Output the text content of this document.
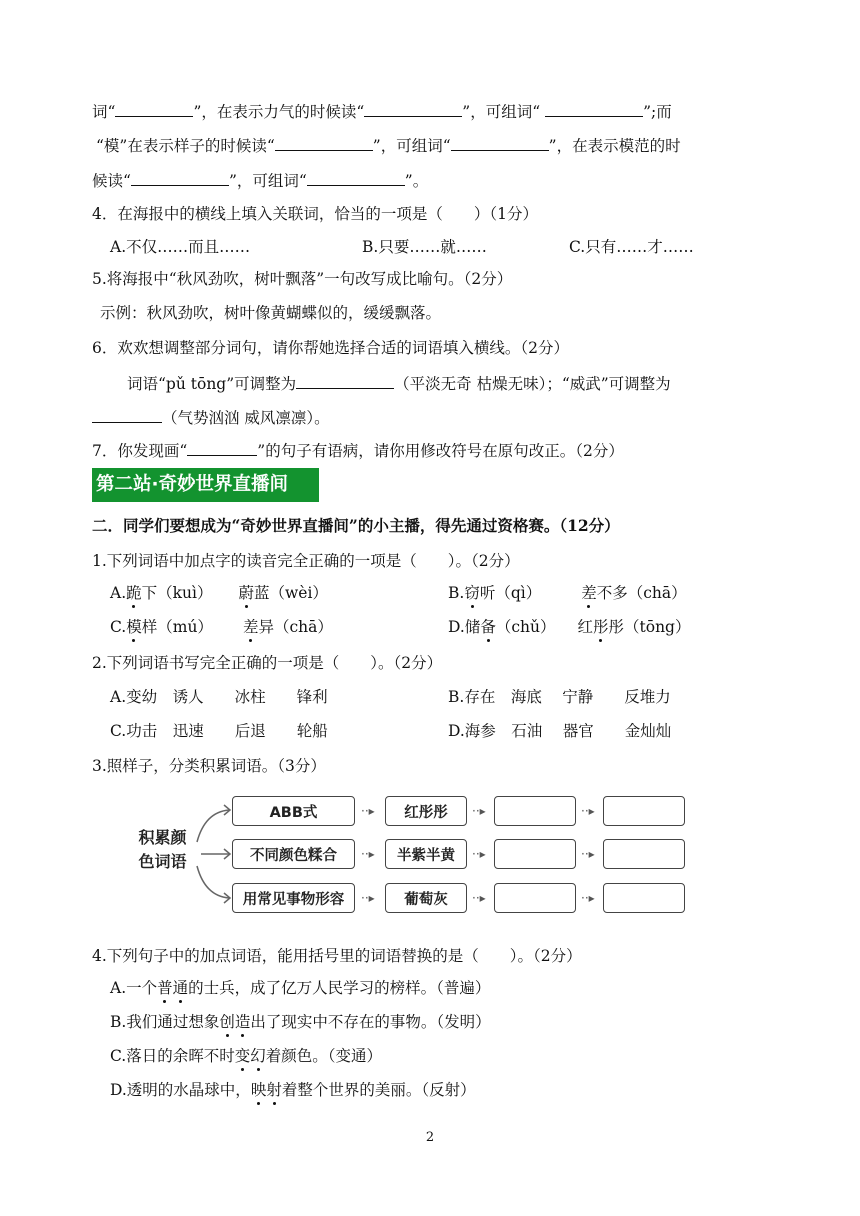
词“	”，在表示力气的时候读“	”，可组词“	”;而
“模”在表示样子的时候读“	”，可组词“	”，在表示模范的时
候读“	”，可组词“	”。
4．在海报中的横线上填入关联词，恰当的一项是（　　）（1分）
A.不仅……而且……	B.只要……就……	C.只有……才……
5.将海报中“秋风劲吹，树叶飘落”一句改写成比喻句。（2分）
示例：秋风劲吹，树叶像黄蝴蝶似的，缓缓飘落。
6．欢欢想调整部分词句，请你帮她选择合适的词语填入横线。（2分）
词语“pǔ tōng”可调整为	（平淡无奇 枯燥无味）；“威武”可调整为
（气势汹汹 威风凛凛）。
7．你发现画“	”的句子有语病，请你用修改符号在原句改正。（2分）
第二站·奇妙世界直播间
二．同学们要想成为“奇妙世界直播间”的小主播，得先通过资格赛。（12分）
1.下列词语中加点字的读音完全正确的一项是（　　）。（2分）
A.跪下（kuì） 蔚蓝（wèi）	B.窃听（qì）	差不多（chā）
C.模样（mú） 差异（chā）	D.储备（chǔ） 红彤彤（tōng）
2.下列词语书写完全正确的一项是（　　）。（2分）
A.变幼　诱人　　冰柱　　锋利	B.存在　海底　 宁静　　反堆力
C.功击　迅速　　后退　　轮船	D.海参　石油　 器官　　金灿灿
3.照样子，分类积累词语。（3分）
积累颜
色词语
ABB式	··▸	红彤彤	··▸	··▸
不同颜色糅合	··▸	半紫半黄	··▸	··▸
用常见事物形容	··▸	葡萄灰	··▸	··▸
4.下列句子中的加点词语，能用括号里的词语替换的是（　　）。（2分）
A.一个普通的士兵，成了亿万人民学习的榜样。（普遍）
B.我们通过想象创造出了现实中不存在的事物。（发明）
C.落日的余晖不时变幻着颜色。（变通）
D.透明的水晶球中，映射着整个世界的美丽。（反射）
2
